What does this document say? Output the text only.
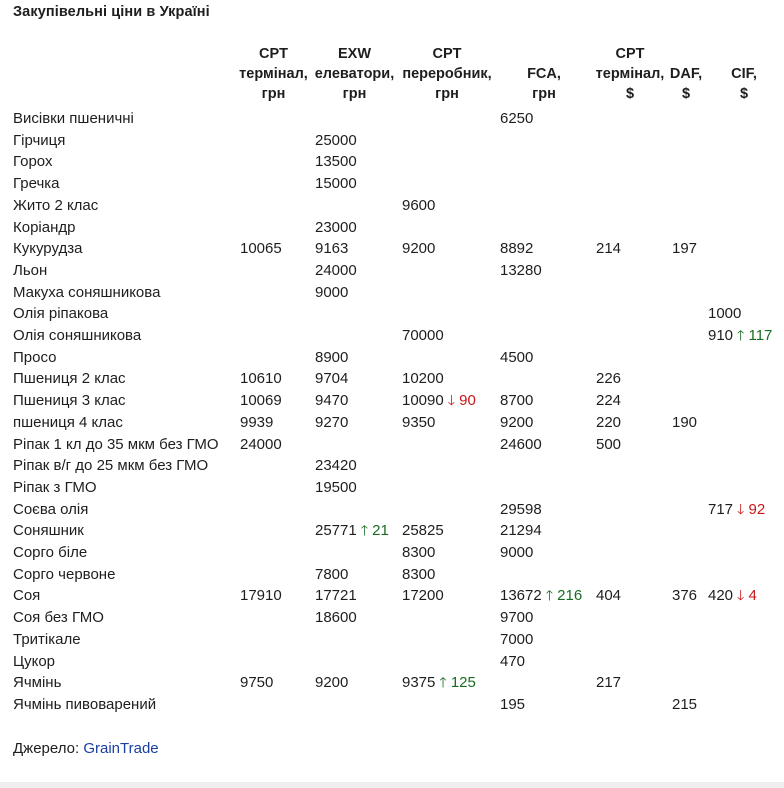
Закупівельні ціни в Україні
	CPT
термінал,
грн	EXW
елеватори,
грн	CPT
переробник,
грн	FCA,
грн	CPT
термінал,
$	DAF,
$	CIF,
$
Висівки пшеничні				6250			
Гірчиця		25000					
Горох		13500					
Гречка		15000					
Жито 2 клас			9600				
Коріандр		23000					
Кукурудза	10065	9163	9200	8892	214	197	
Льон		24000		13280			
Макуха соняшникова		9000					
Олія ріпакова							1000
Олія соняшникова			70000				910 🡑 117
Просо		8900		4500			
Пшениця 2 клас	10610	9704	10200		226		
Пшениця 3 клас	10069	9470	10090 🡓 90	8700	224		
пшениця 4 клас	9939	9270	9350	9200	220	190	
Ріпак 1 кл до 35 мкм без ГМО	24000			24600	500		
Ріпак в/г до 25 мкм без ГМО		23420					
Ріпак з ГМО		19500					
Соєва олія				29598			717 🡓 92
Соняшник		25771 🡑 21	25825	21294			
Сорго біле			8300	9000			
Сорго червоне		7800	8300				
Соя	17910	17721	17200	13672 🡑 216	404	376	420 🡓 4
Соя без ГМО		18600		9700			
Тритікале				7000			
Цукор				470			
Ячмінь	9750	9200	9375 🡑 125		217		
Ячмінь пивоварений				195		215	
Джерело: GrainTrade
